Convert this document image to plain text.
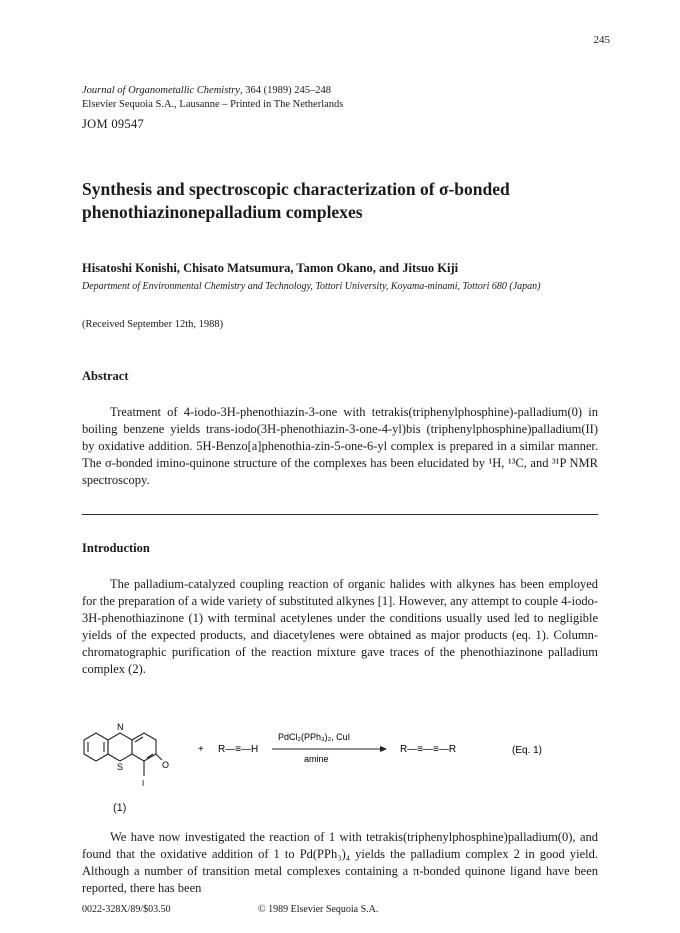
245
Journal of Organometallic Chemistry, 364 (1989) 245–248
Elsevier Sequoia S.A., Lausanne – Printed in The Netherlands
JOM 09547
Synthesis and spectroscopic characterization of σ-bonded phenothiazinonepalladium complexes
Hisatoshi Konishi, Chisato Matsumura, Tamon Okano, and Jitsuo Kiji
Department of Environmental Chemistry and Technology, Tottori University, Koyama-minami, Tottori 680 (Japan)
(Received September 12th, 1988)
Abstract

Treatment of 4-iodo-3H-phenothiazin-3-one with tetrakis(triphenylphosphine)-palladium(0) in boiling benzene yields trans-iodo(3H-phenothiazin-3-one-4-yl)bis (triphenylphosphine)palladium(II) by oxidative addition. 5H-Benzo[a]phenothia-zin-5-one-6-yl complex is prepared in a similar manner. The σ-bonded imino-quinone structure of the complexes has been elucidated by ¹H, ¹³C, and ³¹P NMR spectroscopy.

Introduction

The palladium-catalyzed coupling reaction of organic halides with alkynes has been employed for the preparation of a wide variety of substituted alkynes [1]. However, any attempt to couple 4-iodo-3H-phenothiazinone (1) with terminal acetylenes under the conditions usually used led to negligible yields of the expected products, and diacetylenes were obtained as major products (eq. 1). Column-chromatographic purification of the reaction mixture gave traces of the phenothiazinone palladium complex (2).

N
S	O
I
+ R—≡—H
PdCl₂(PPh₃)₂, CuI
amine
R—≡—≡—R	(Eq. 1)
(1)

We have now investigated the reaction of 1 with tetrakis(triphenylphosphine)palladium(0), and found that the oxidative addition of 1 to Pd(PPh₃)₄ yields the palladium complex 2 in good yield. Although a number of transition metal complexes containing a π-bonded quinone ligand have been reported, there has been

0022-328X/89/$03.50	© 1989 Elsevier Sequoia S.A.
